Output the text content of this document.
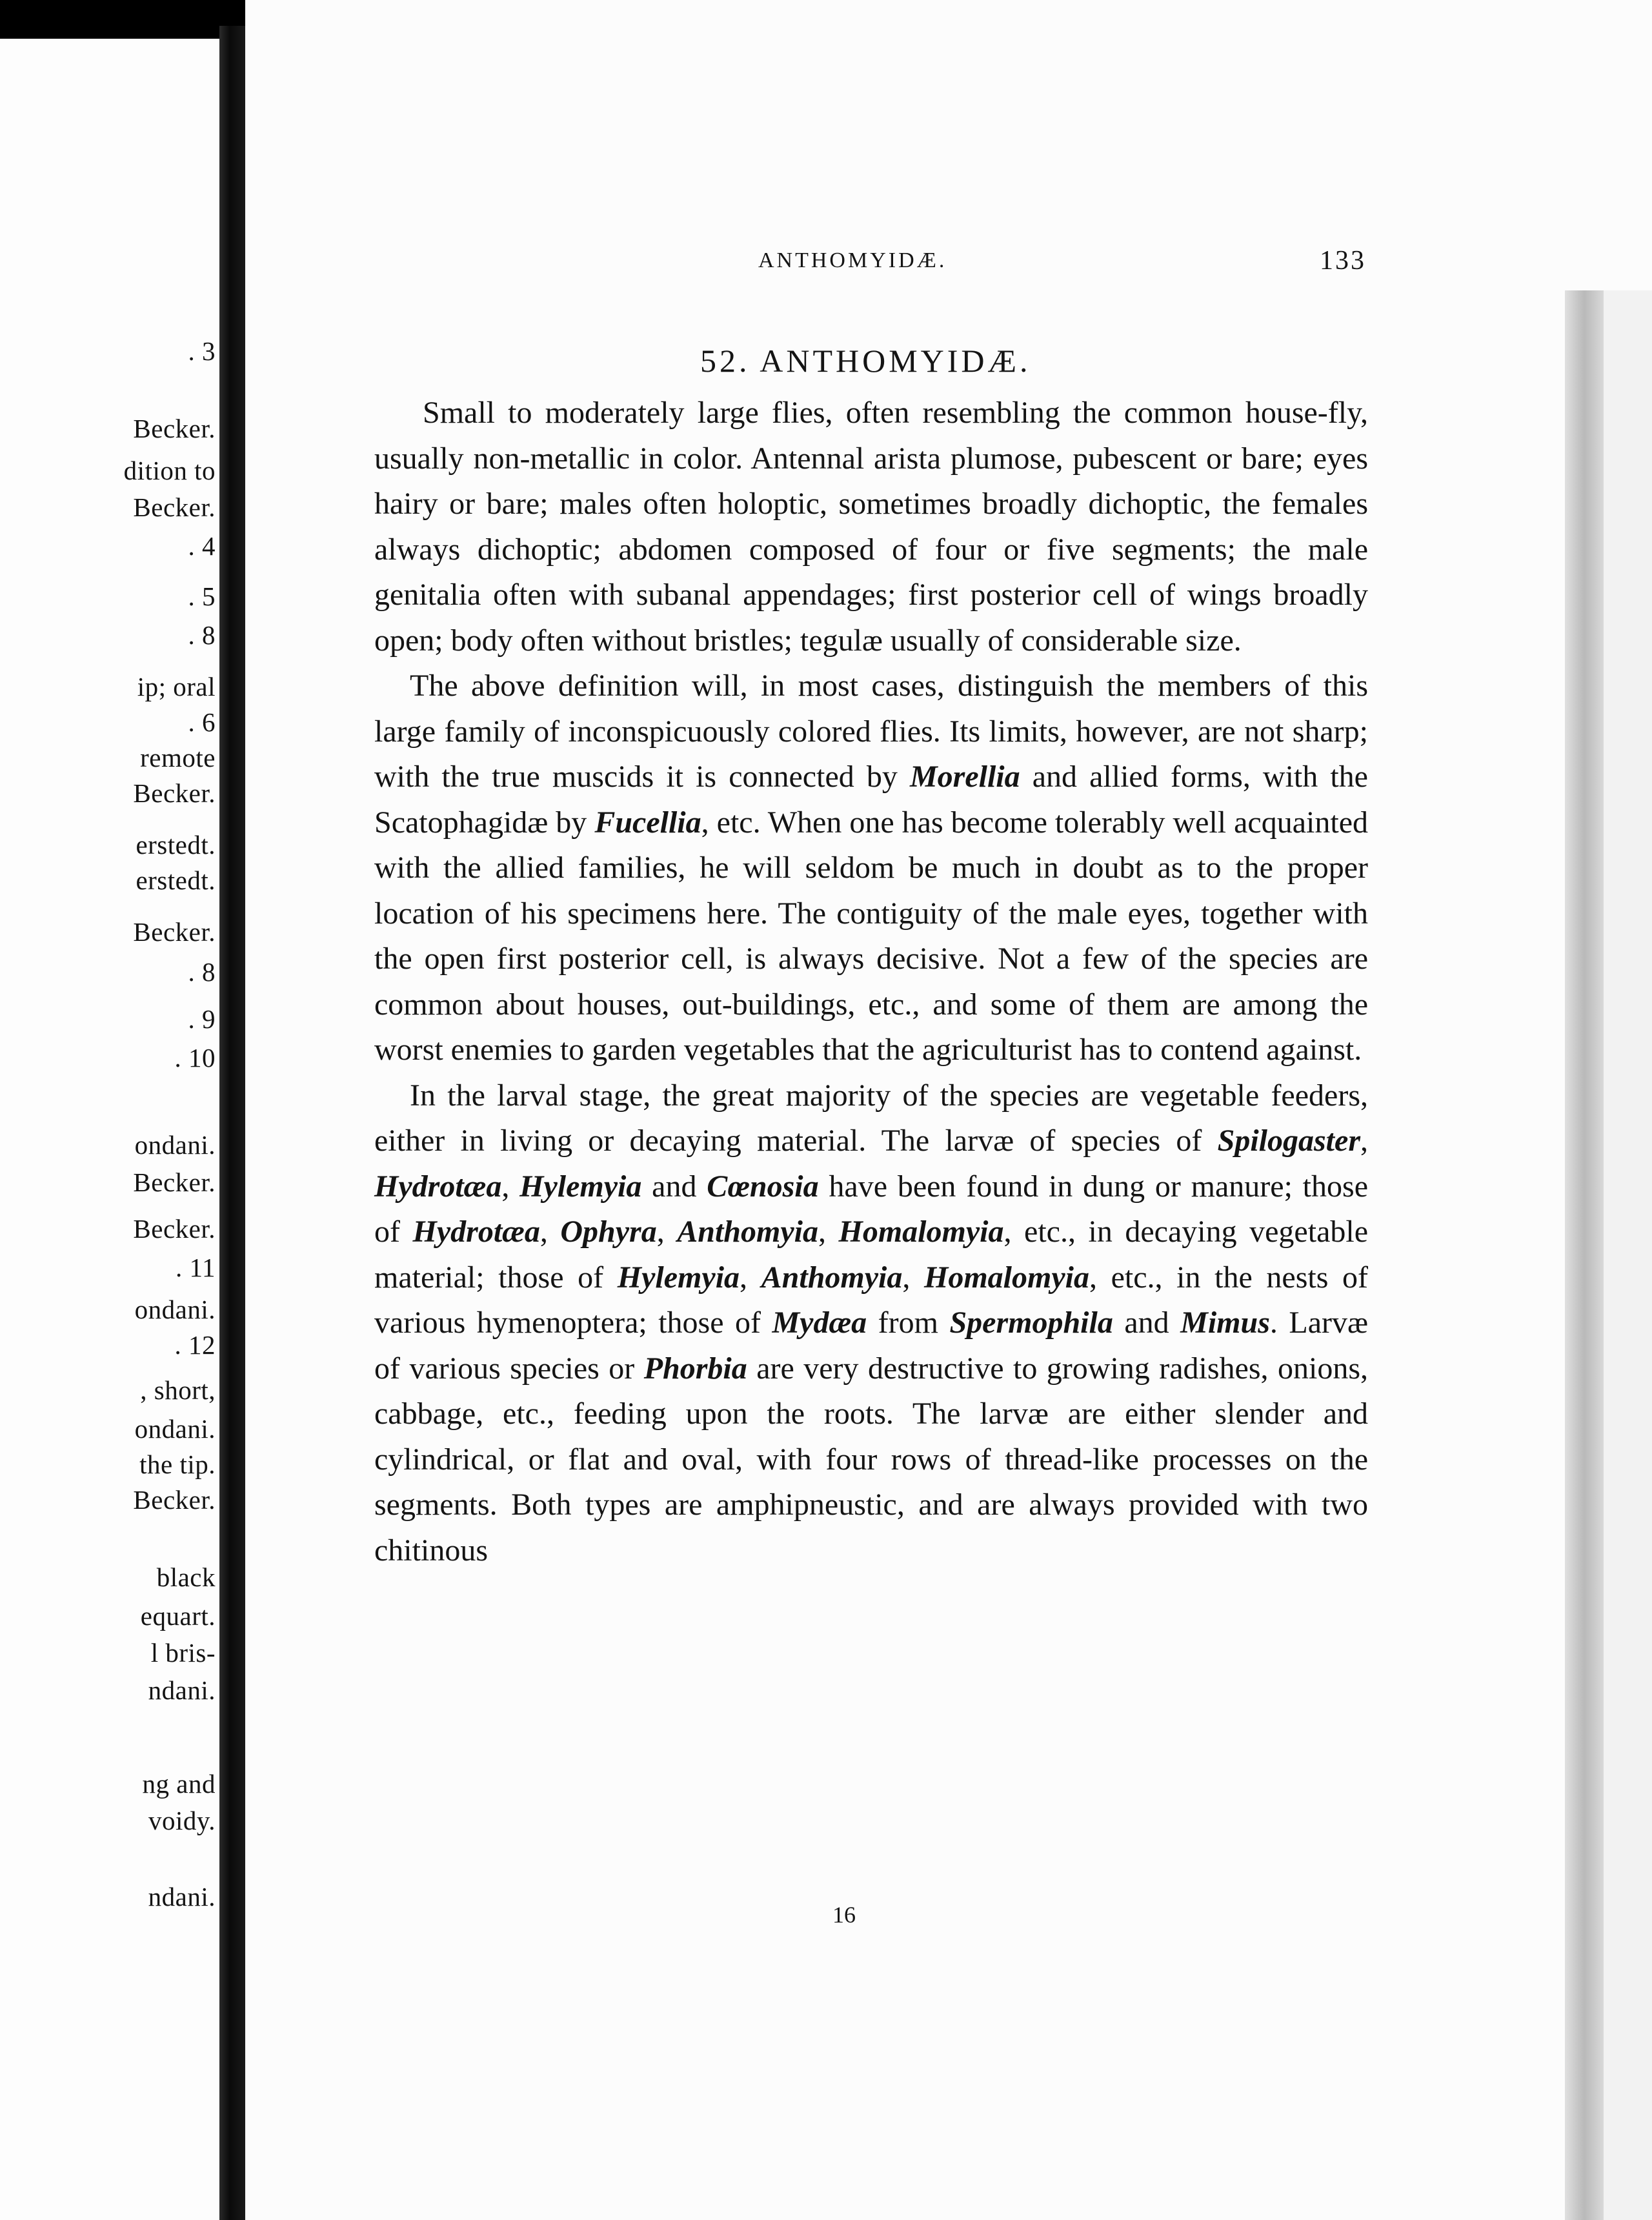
. 3
Becker.
dition to
Becker.
. 4
. 5
. 8
ip; oral
. 6
remote
Becker.
erstedt.
erstedt.
Becker.
. 8
. 9
. 10
ondani.
Becker.
Becker.
. 11
ondani.
. 12
, short,
ondani.
the tip.
Becker.
black
equart.
l bris-
ndani.
ng and
voidy.
ndani.
ANTHOMYIDÆ.	133
52. ANTHOMYIDÆ.

Small to moderately large flies, often resembling the common house-fly, usually non-metallic in color. Antennal arista plumose, pubescent or bare; eyes hairy or bare; males often holoptic, sometimes broadly dichoptic, the females always dichoptic; abdomen composed of four or five segments; the male genitalia often with subanal appendages; first posterior cell of wings broadly open; body often without bristles; tegulæ usually of considerable size.

The above definition will, in most cases, distinguish the members of this large family of inconspicuously colored flies. Its limits, however, are not sharp; with the true muscids it is connected by Morellia and allied forms, with the Scatophagidæ by Fucellia, etc. When one has become tolerably well acquainted with the allied families, he will seldom be much in doubt as to the proper location of his specimens here. The contiguity of the male eyes, together with the open first posterior cell, is always decisive. Not a few of the species are common about houses, out-buildings, etc., and some of them are among the worst enemies to garden vegetables that the agriculturist has to contend against.

In the larval stage, the great majority of the species are vegetable feeders, either in living or decaying material. The larvæ of species of Spilogaster, Hydrotæa, Hylemyia and Cœnosia have been found in dung or manure; those of Hydrotæa, Ophyra, Anthomyia, Homalomyia, etc., in decaying vegetable material; those of Hylemyia, Anthomyia, Homalomyia, etc., in the nests of various hymenoptera; those of Mydæa from Spermophila and Mimus. Larvæ of various species or Phorbia are very destructive to growing radishes, onions, cabbage, etc., feeding upon the roots. The larvæ are either slender and cylindrical, or flat and oval, with four rows of thread-like processes on the segments. Both types are amphipneustic, and are always provided with two chitinous

16
